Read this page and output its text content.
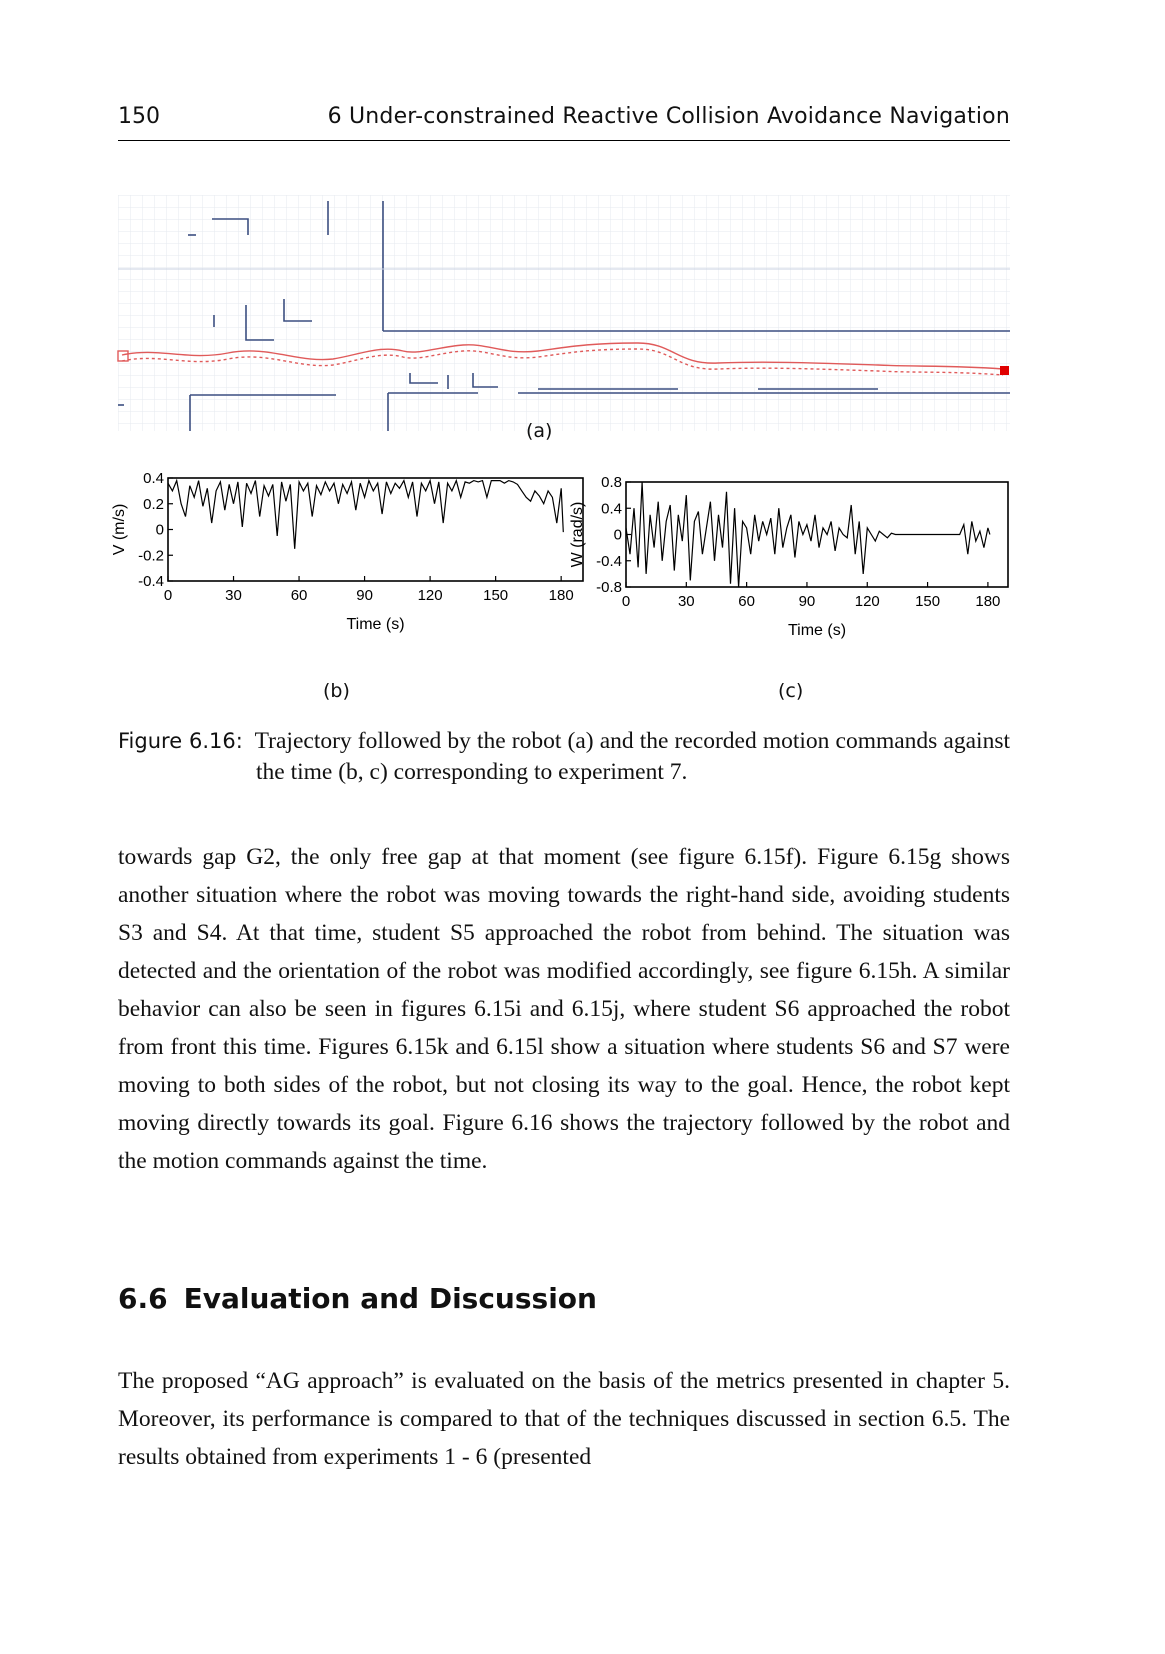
150	6 Under-constrained Reactive Collision Avoidance Navigation
(a)
0	30	60	90	120	150	180
0.4
0.2
0
-0.2
-0.4
Time (s)
V (m/s)
(b)
0	30	60	90	120 150 180
0.8
0.4
0
-0.4
-0.8
Time (s)
W (rad/s)
(c)
Figure 6.16: Trajectory followed by the robot (a) and the recorded motion commands against the time (b, c) corresponding to experiment 7.
towards gap G2, the only free gap at that moment (see figure 6.15f). Figure 6.15g shows another situation where the robot was moving towards the right-hand side, avoiding students S3 and S4. At that time, student S5 approached the robot from behind. The situation was detected and the orientation of the robot was modified accordingly, see figure 6.15h. A similar behavior can also be seen in figures 6.15i and 6.15j, where student S6 approached the robot from front this time. Figures 6.15k and 6.15l show a situation where students S6 and S7 were moving to both sides of the robot, but not closing its way to the goal. Hence, the robot kept moving directly towards its goal. Figure 6.16 shows the trajectory followed by the robot and the motion commands against the time.
6.6 Evaluation and Discussion
The proposed “AG approach” is evaluated on the basis of the metrics presented in chapter 5. Moreover, its performance is compared to that of the techniques discussed in section 6.5. The results obtained from experiments 1 - 6 (presented
